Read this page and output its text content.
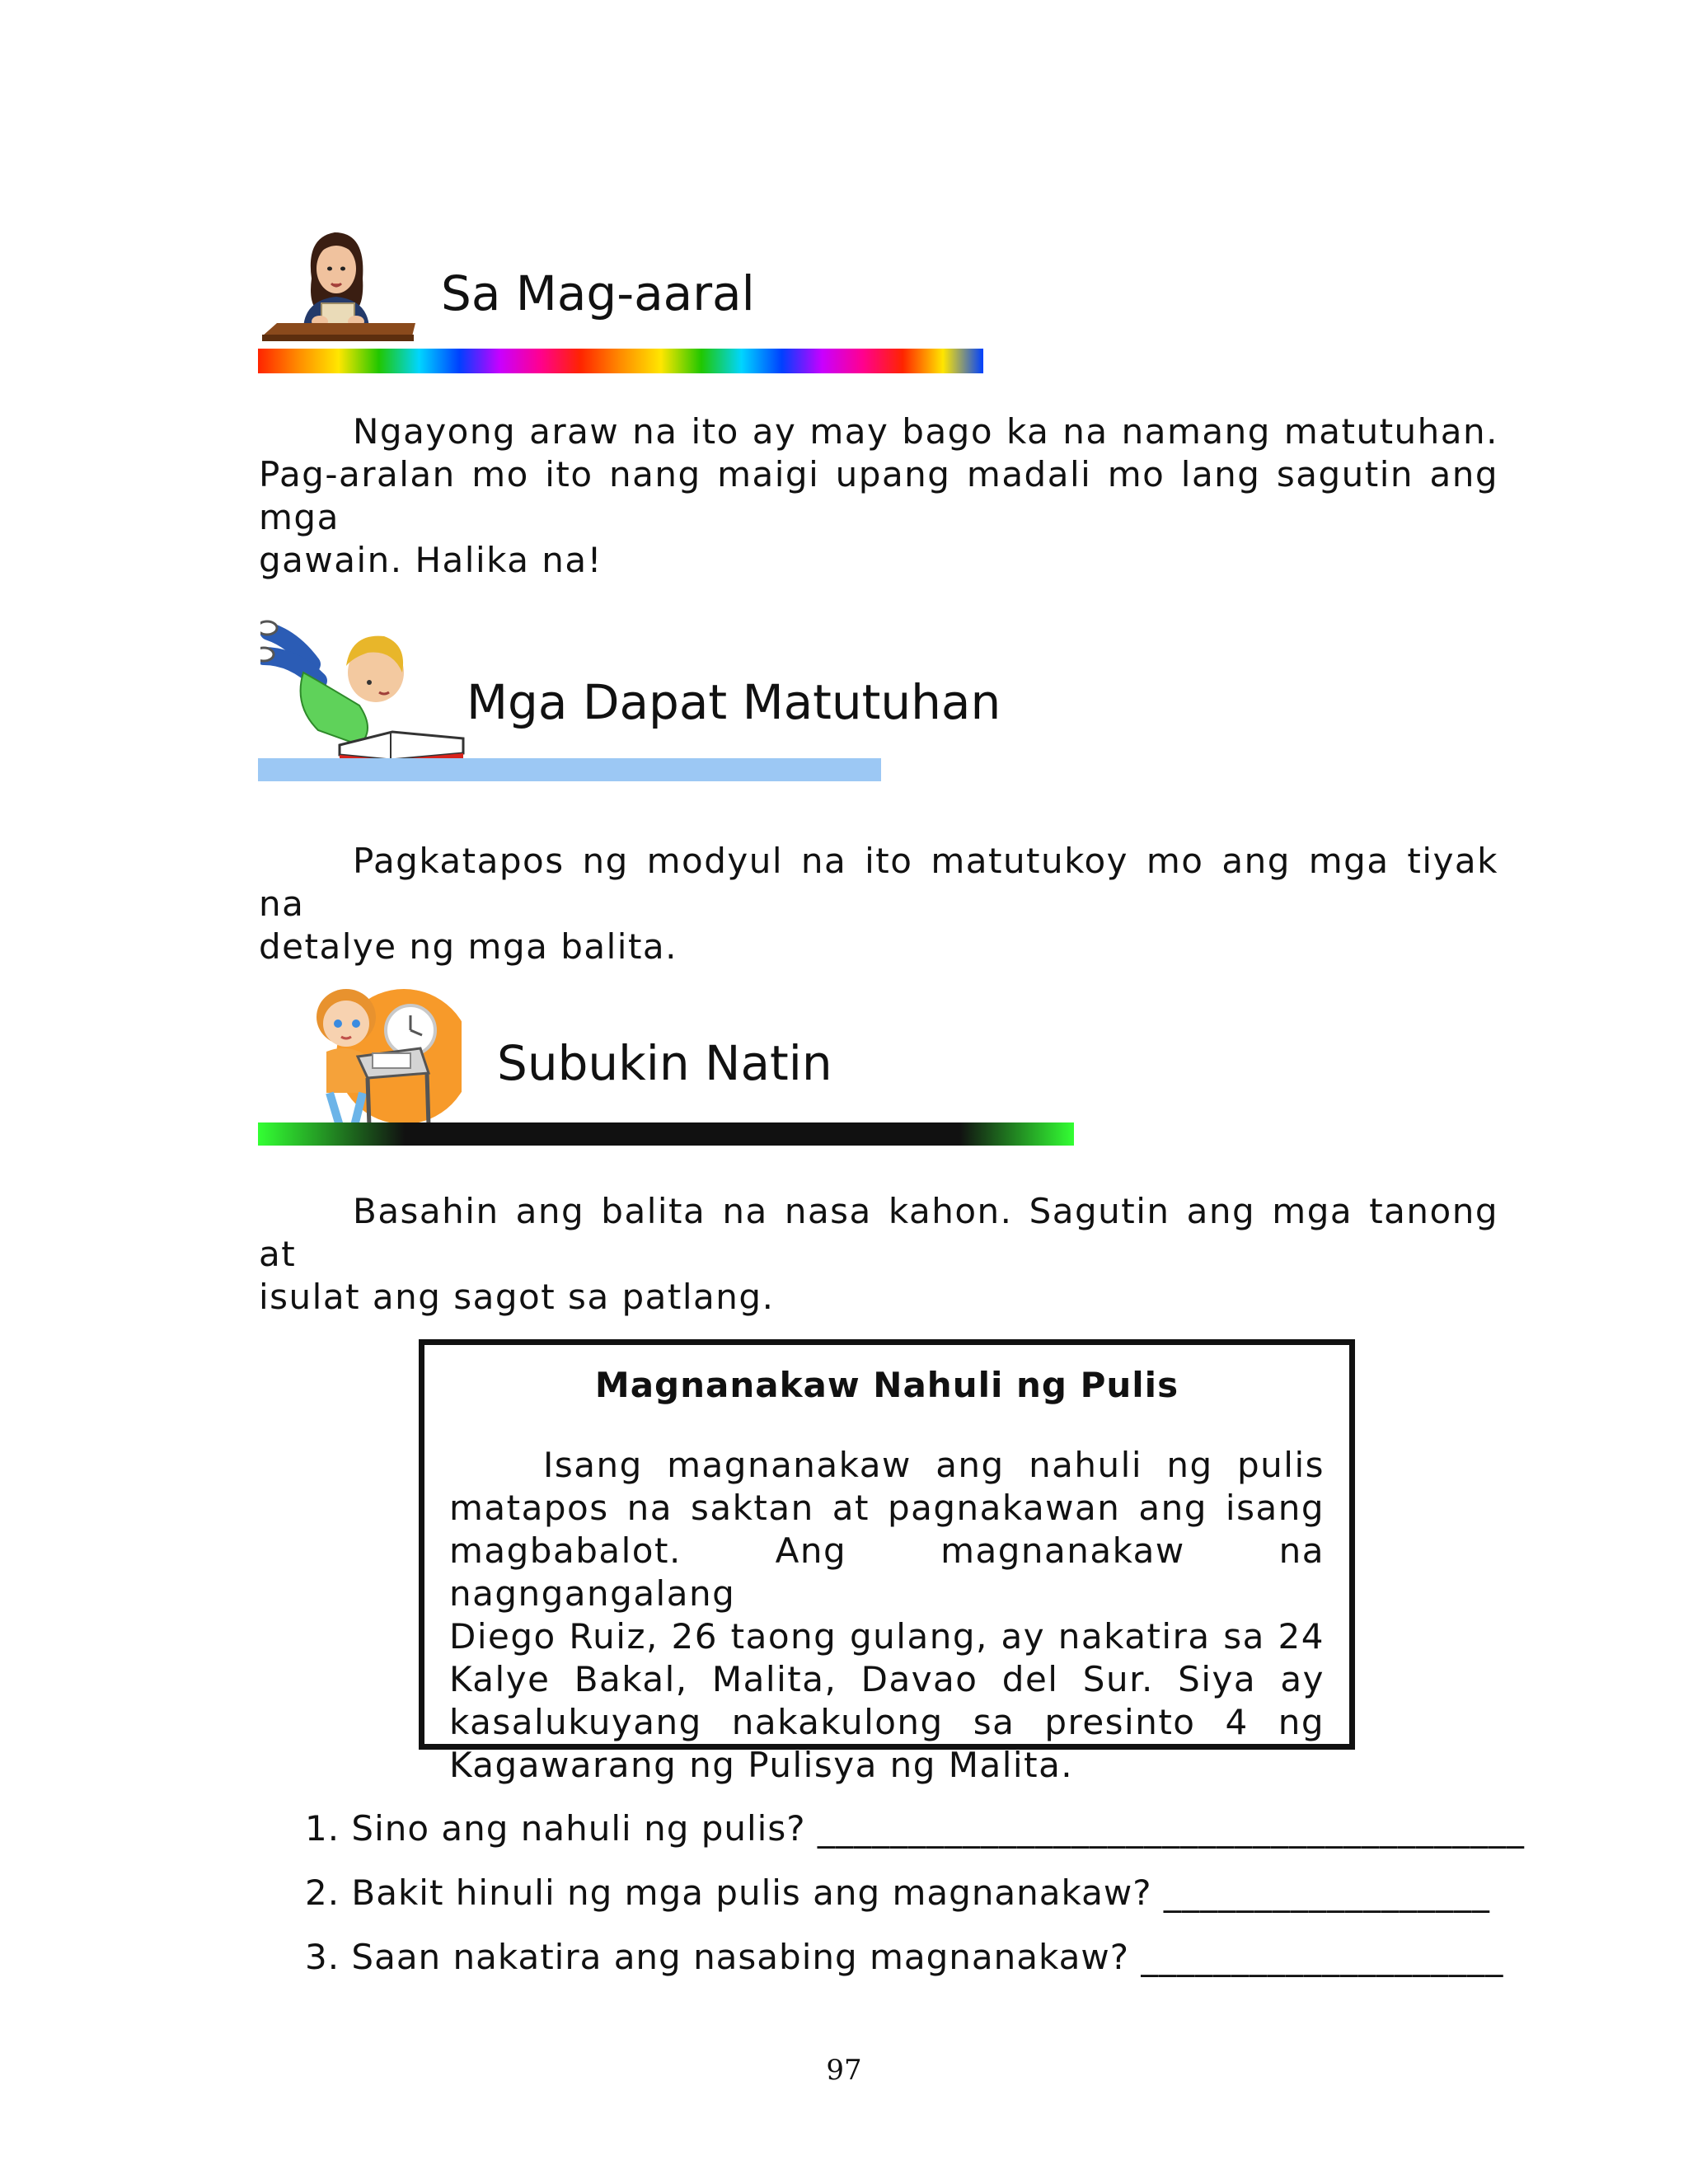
Sa Mag-aaral
Ngayong araw na ito ay may bago ka na namang matutuhan.
Pag-aralan mo ito nang maigi upang madali mo lang sagutin ang mga
gawain. Halika na!
Mga Dapat Matutuhan
Pagkatapos ng modyul na ito matutukoy mo ang mga tiyak na
detalye ng mga balita.
Subukin Natin
Basahin ang balita na nasa kahon. Sagutin ang mga tanong at
isulat ang sagot sa patlang.
Magnanakaw Nahuli ng Pulis
Isang magnanakaw ang nahuli ng pulis
matapos na saktan at pagnakawan ang isang
magbabalot. Ang magnanakaw na nagngangalang
Diego Ruiz, 26 taong gulang, ay nakatira sa 24
Kalye Bakal, Malita, Davao del Sur. Siya ay
kasalukuyang nakakulong sa presinto 4 ng
Kagawarang ng Pulisya ng Malita.
1. Sino ang nahuli ng pulis? _______________________________________
2. Bakit hinuli ng mga pulis ang magnanakaw? __________________
3. Saan nakatira ang nasabing magnanakaw? ____________________
97
